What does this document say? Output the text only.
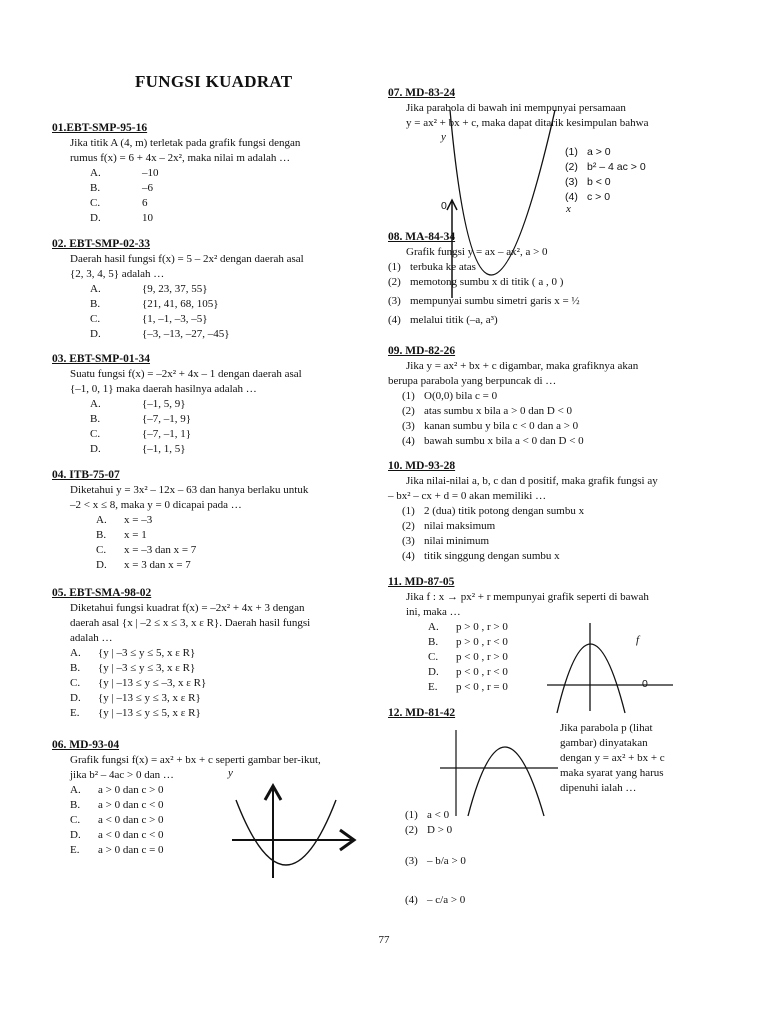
FUNGSI KUADRAT
01.EBT-SMP-95-16
Jika titik A (4, m) terletak pada grafik fungsi dengan
rumus f(x) = 6 + 4x – 2x², maka nilai m adalah …
A.	–10
B.	–6
C.	6
D.	10
02. EBT-SMP-02-33
Daerah hasil fungsi f(x) = 5 – 2x² dengan daerah asal
{2, 3, 4, 5} adalah …
A.	{9, 23, 37, 55}
B.	{21, 41, 68, 105}
C.	{1, –1, –3, –5}
D.	{–3, –13, –27, –45}
03. EBT-SMP-01-34
Suatu fungsi f(x) = –2x² + 4x – 1 dengan daerah asal
{–1, 0, 1} maka daerah hasilnya adalah …
A.	{–1, 5, 9}
B.	{–7, –1, 9}
C.	{–7, –1, 1}
D.	{–1, 1, 5}
04. ITB-75-07
Diketahui y = 3x² – 12x – 63 dan hanya berlaku untuk
–2 < x ≤ 8, maka y = 0 dicapai pada …
A.	x = –3
B.	x = 1
C.	x = –3 dan x = 7
D.	x = 3 dan x = 7
05. EBT-SMA-98-02
Diketahui fungsi kuadrat f(x) = –2x² + 4x + 3 dengan
daerah asal {x | –2 ≤ x ≤ 3, x ε R}. Daerah hasil fungsi
adalah …
A.	{y | –3 ≤ y ≤ 5, x ε R}
B.	{y | –3 ≤ y ≤ 3, x ε R}
C.	{y | –13 ≤ y ≤ –3, x ε R}
D.	{y | –13 ≤ y ≤ 3, x ε R}
E.	{y | –13 ≤ y ≤ 5, x ε R}
06. MD-93-04
Grafik fungsi f(x) = ax² + bx + c seperti gambar ber-ikut,
jika b² – 4ac > 0 dan …
A.	a > 0 dan c > 0
B.	a > 0 dan c < 0
C.	a < 0 dan c > 0
D.	a < 0 dan c < 0
E.	a > 0 dan c = 0
y
07. MD-83-24
Jika parabola di bawah ini mempunyai persamaan
y = ax² + bx + c, maka dapat ditarik kesimpulan bahwa
y
(1) a > 0
(2) b² – 4 ac > 0
(3) b < 0
(4) c > 0
0	x
08. MA-84-34
Grafik fungsi y = ax – ax², a > 0
(1) terbuka ke atas
(2) memotong sumbu x di titik ( a , 0 )
(3) mempunyai sumbu simetri garis x = ½
(4) melalui titik (–a, a³)
09. MD-82-26
Jika y = ax² + bx + c digambar, maka grafiknya akan
berupa parabola yang berpuncak di …
(1) O(0,0) bila c = 0
(2) atas sumbu x bila a > 0 dan D < 0
(3) kanan sumbu y bila c < 0 dan a > 0
(4) bawah sumbu x bila a < 0 dan D < 0
10. MD-93-28
Jika nilai-nilai a, b, c dan d positif, maka grafik fungsi ay
– bx² – cx + d = 0 akan memiliki …
(1) 2 (dua) titik potong dengan sumbu x
(2) nilai maksimum
(3) nilai minimum
(4) titik singgung dengan sumbu x
11. MD-87-05
Jika f : x → px² + r mempunyai grafik seperti di bawah
ini, maka …
A.	p > 0 , r > 0
B.	p > 0 , r < 0
C.	p < 0 , r > 0
D.	p < 0 , r < 0
E.	p < 0 , r = 0
f
0
12. MD-81-42
Jika parabola p (lihat
gambar) dinyatakan
dengan y = ax² + bx + c
maka syarat yang harus
dipenuhi ialah …
(1) a < 0
(2) D > 0
(3) – b/a > 0
(4) – c/a > 0
77
